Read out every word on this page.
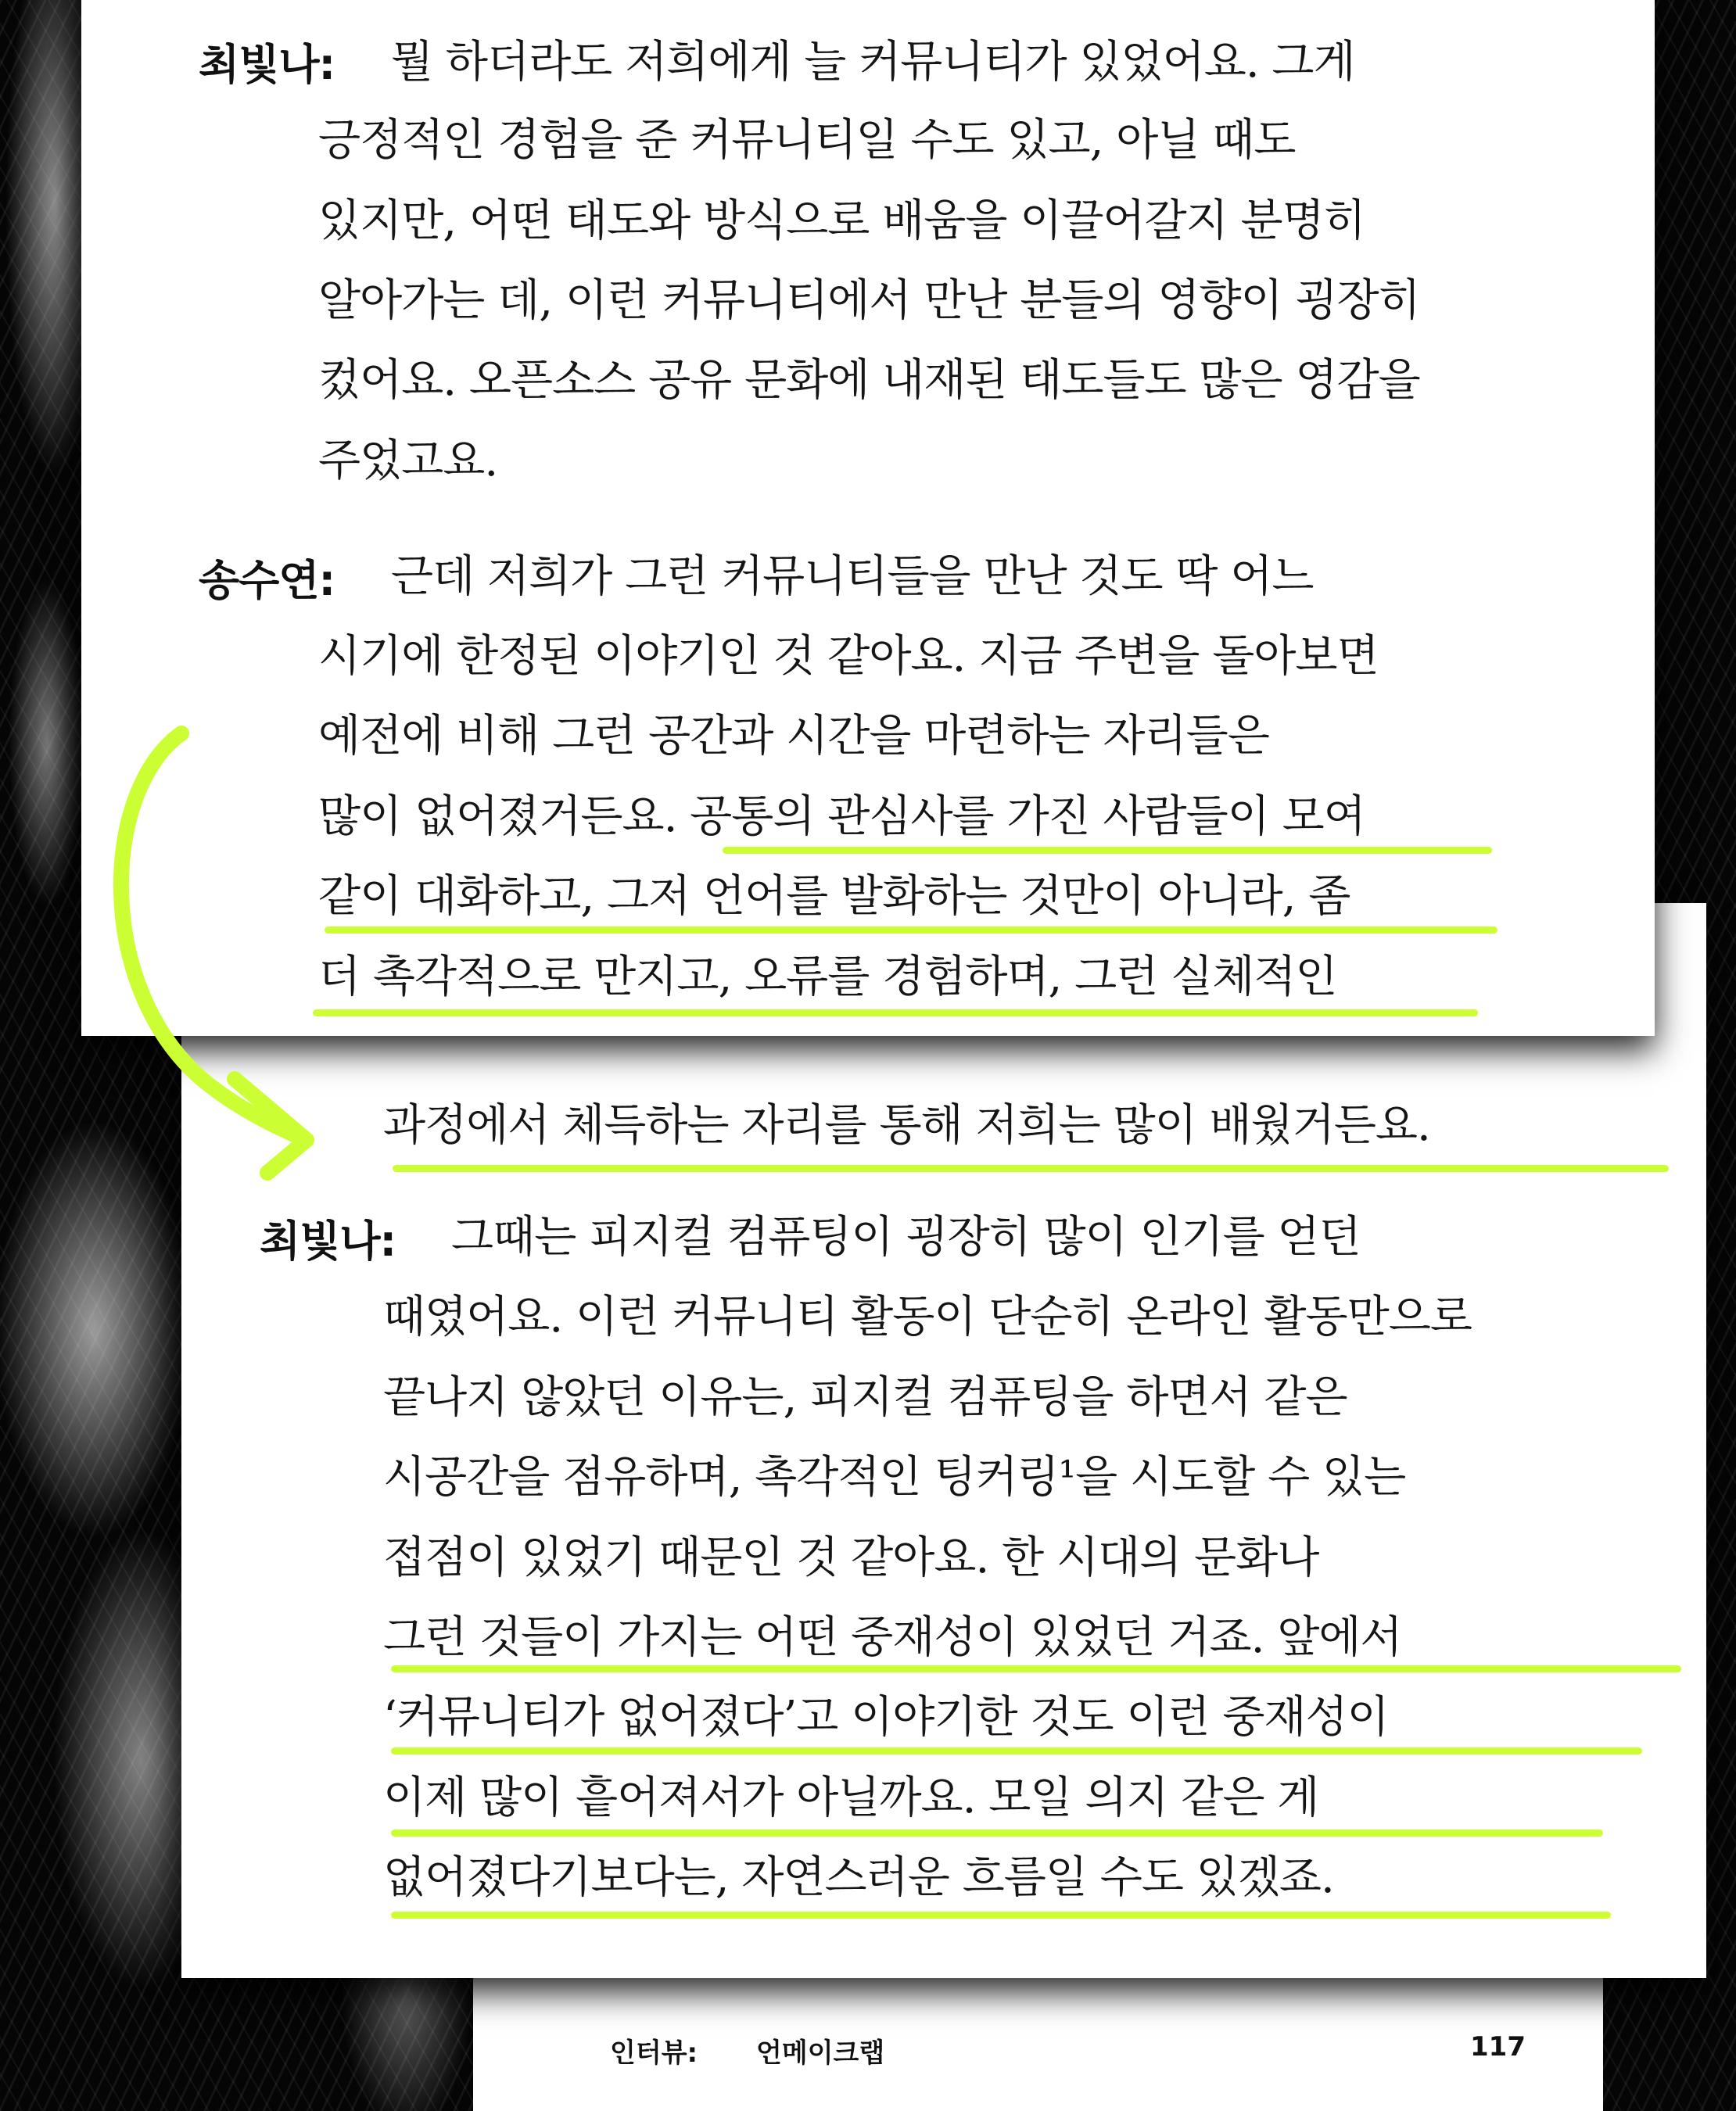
최빛나: 뭘 하더라도 저희에게 늘 커뮤니티가 있었어요. 그게
긍정적인 경험을 준 커뮤니티일 수도 있고, 아닐 때도
있지만, 어떤 태도와 방식으로 배움을 이끌어갈지 분명히
알아가는 데, 이런 커뮤니티에서 만난 분들의 영향이 굉장히
컸어요. 오픈소스 공유 문화에 내재된 태도들도 많은 영감을
주었고요.
송수연: 근데 저희가 그런 커뮤니티들을 만난 것도 딱 어느
시기에 한정된 이야기인 것 같아요. 지금 주변을 돌아보면
예전에 비해 그런 공간과 시간을 마련하는 자리들은
많이 없어졌거든요. 공통의 관심사를 가진 사람들이 모여
같이 대화하고, 그저 언어를 발화하는 것만이 아니라, 좀
더 촉각적으로 만지고, 오류를 경험하며, 그런 실체적인
과정에서 체득하는 자리를 통해 저희는 많이 배웠거든요.
최빛나: 그때는 피지컬 컴퓨팅이 굉장히 많이 인기를 얻던
때였어요. 이런 커뮤니티 활동이 단순히 온라인 활동만으로
끝나지 않았던 이유는, 피지컬 컴퓨팅을 하면서 같은
시공간을 점유하며, 촉각적인 팅커링¹을 시도할 수 있는
접점이 있었기 때문인 것 같아요. 한 시대의 문화나
그런 것들이 가지는 어떤 중재성이 있었던 거죠. 앞에서
‘커뮤니티가 없어졌다’고 이야기한 것도 이런 중재성이
이제 많이 흩어져서가 아닐까요. 모일 의지 같은 게
없어졌다기보다는, 자연스러운 흐름일 수도 있겠죠.
인터뷰: 언메이크랩	117
